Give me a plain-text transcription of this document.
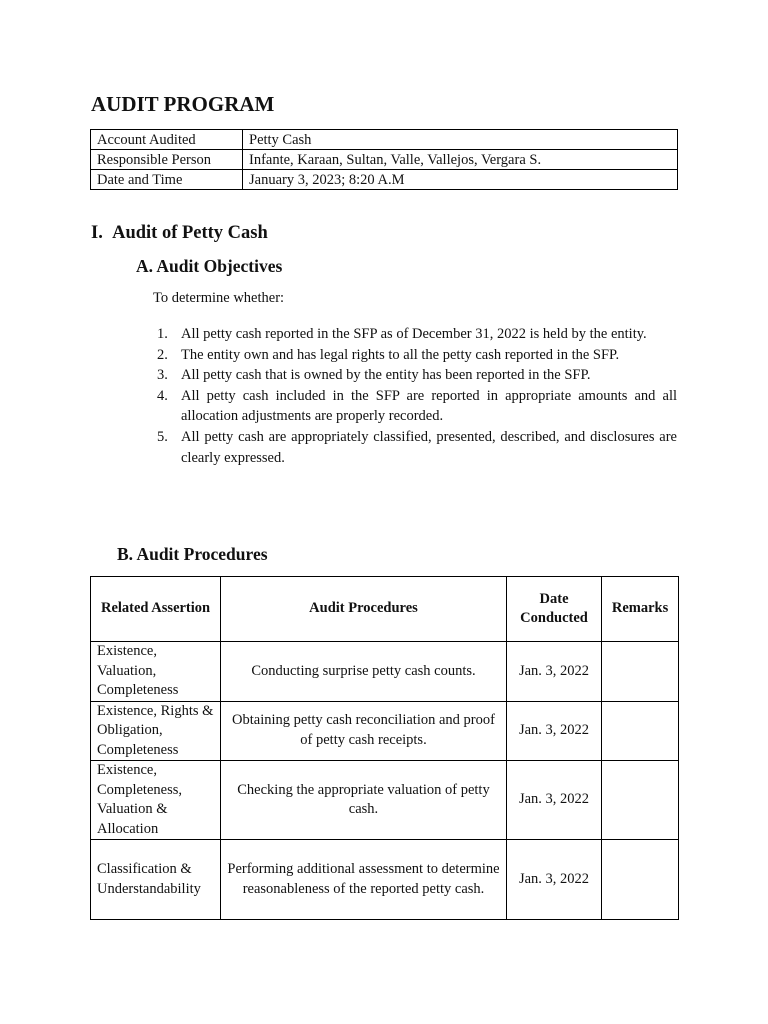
AUDIT PROGRAM
Account Audited	Petty Cash
Responsible Person	Infante, Karaan, Sultan, Valle, Vallejos, Vergara S.
Date and Time	January 3, 2023; 8:20 A.M
I. Audit of Petty Cash
A. Audit Objectives

To determine whether:

1. All petty cash reported in the SFP as of December 31, 2022 is held by the entity.
2. The entity own and has legal rights to all the petty cash reported in the SFP.
3. All petty cash that is owned by the entity has been reported in the SFP.
4. All petty cash included in the SFP are reported in appropriate amounts and all allocation adjustments are properly recorded.
5. All petty cash are appropriately classified, presented, described, and disclosures are clearly expressed.
B. Audit Procedures
Related Assertion	Audit Procedures	Date Conducted	Remarks
Existence, Valuation, Completeness	Conducting surprise petty cash counts.	Jan. 3, 2022	
Existence, Rights & Obligation, Completeness	Obtaining petty cash reconciliation and proof of petty cash receipts.	Jan. 3, 2022	
Existence, Completeness, Valuation & Allocation	Checking the appropriate valuation of petty cash.	Jan. 3, 2022	
Classification & Understandability	Performing additional assessment to determine reasonableness of the reported petty cash.	Jan. 3, 2022	
